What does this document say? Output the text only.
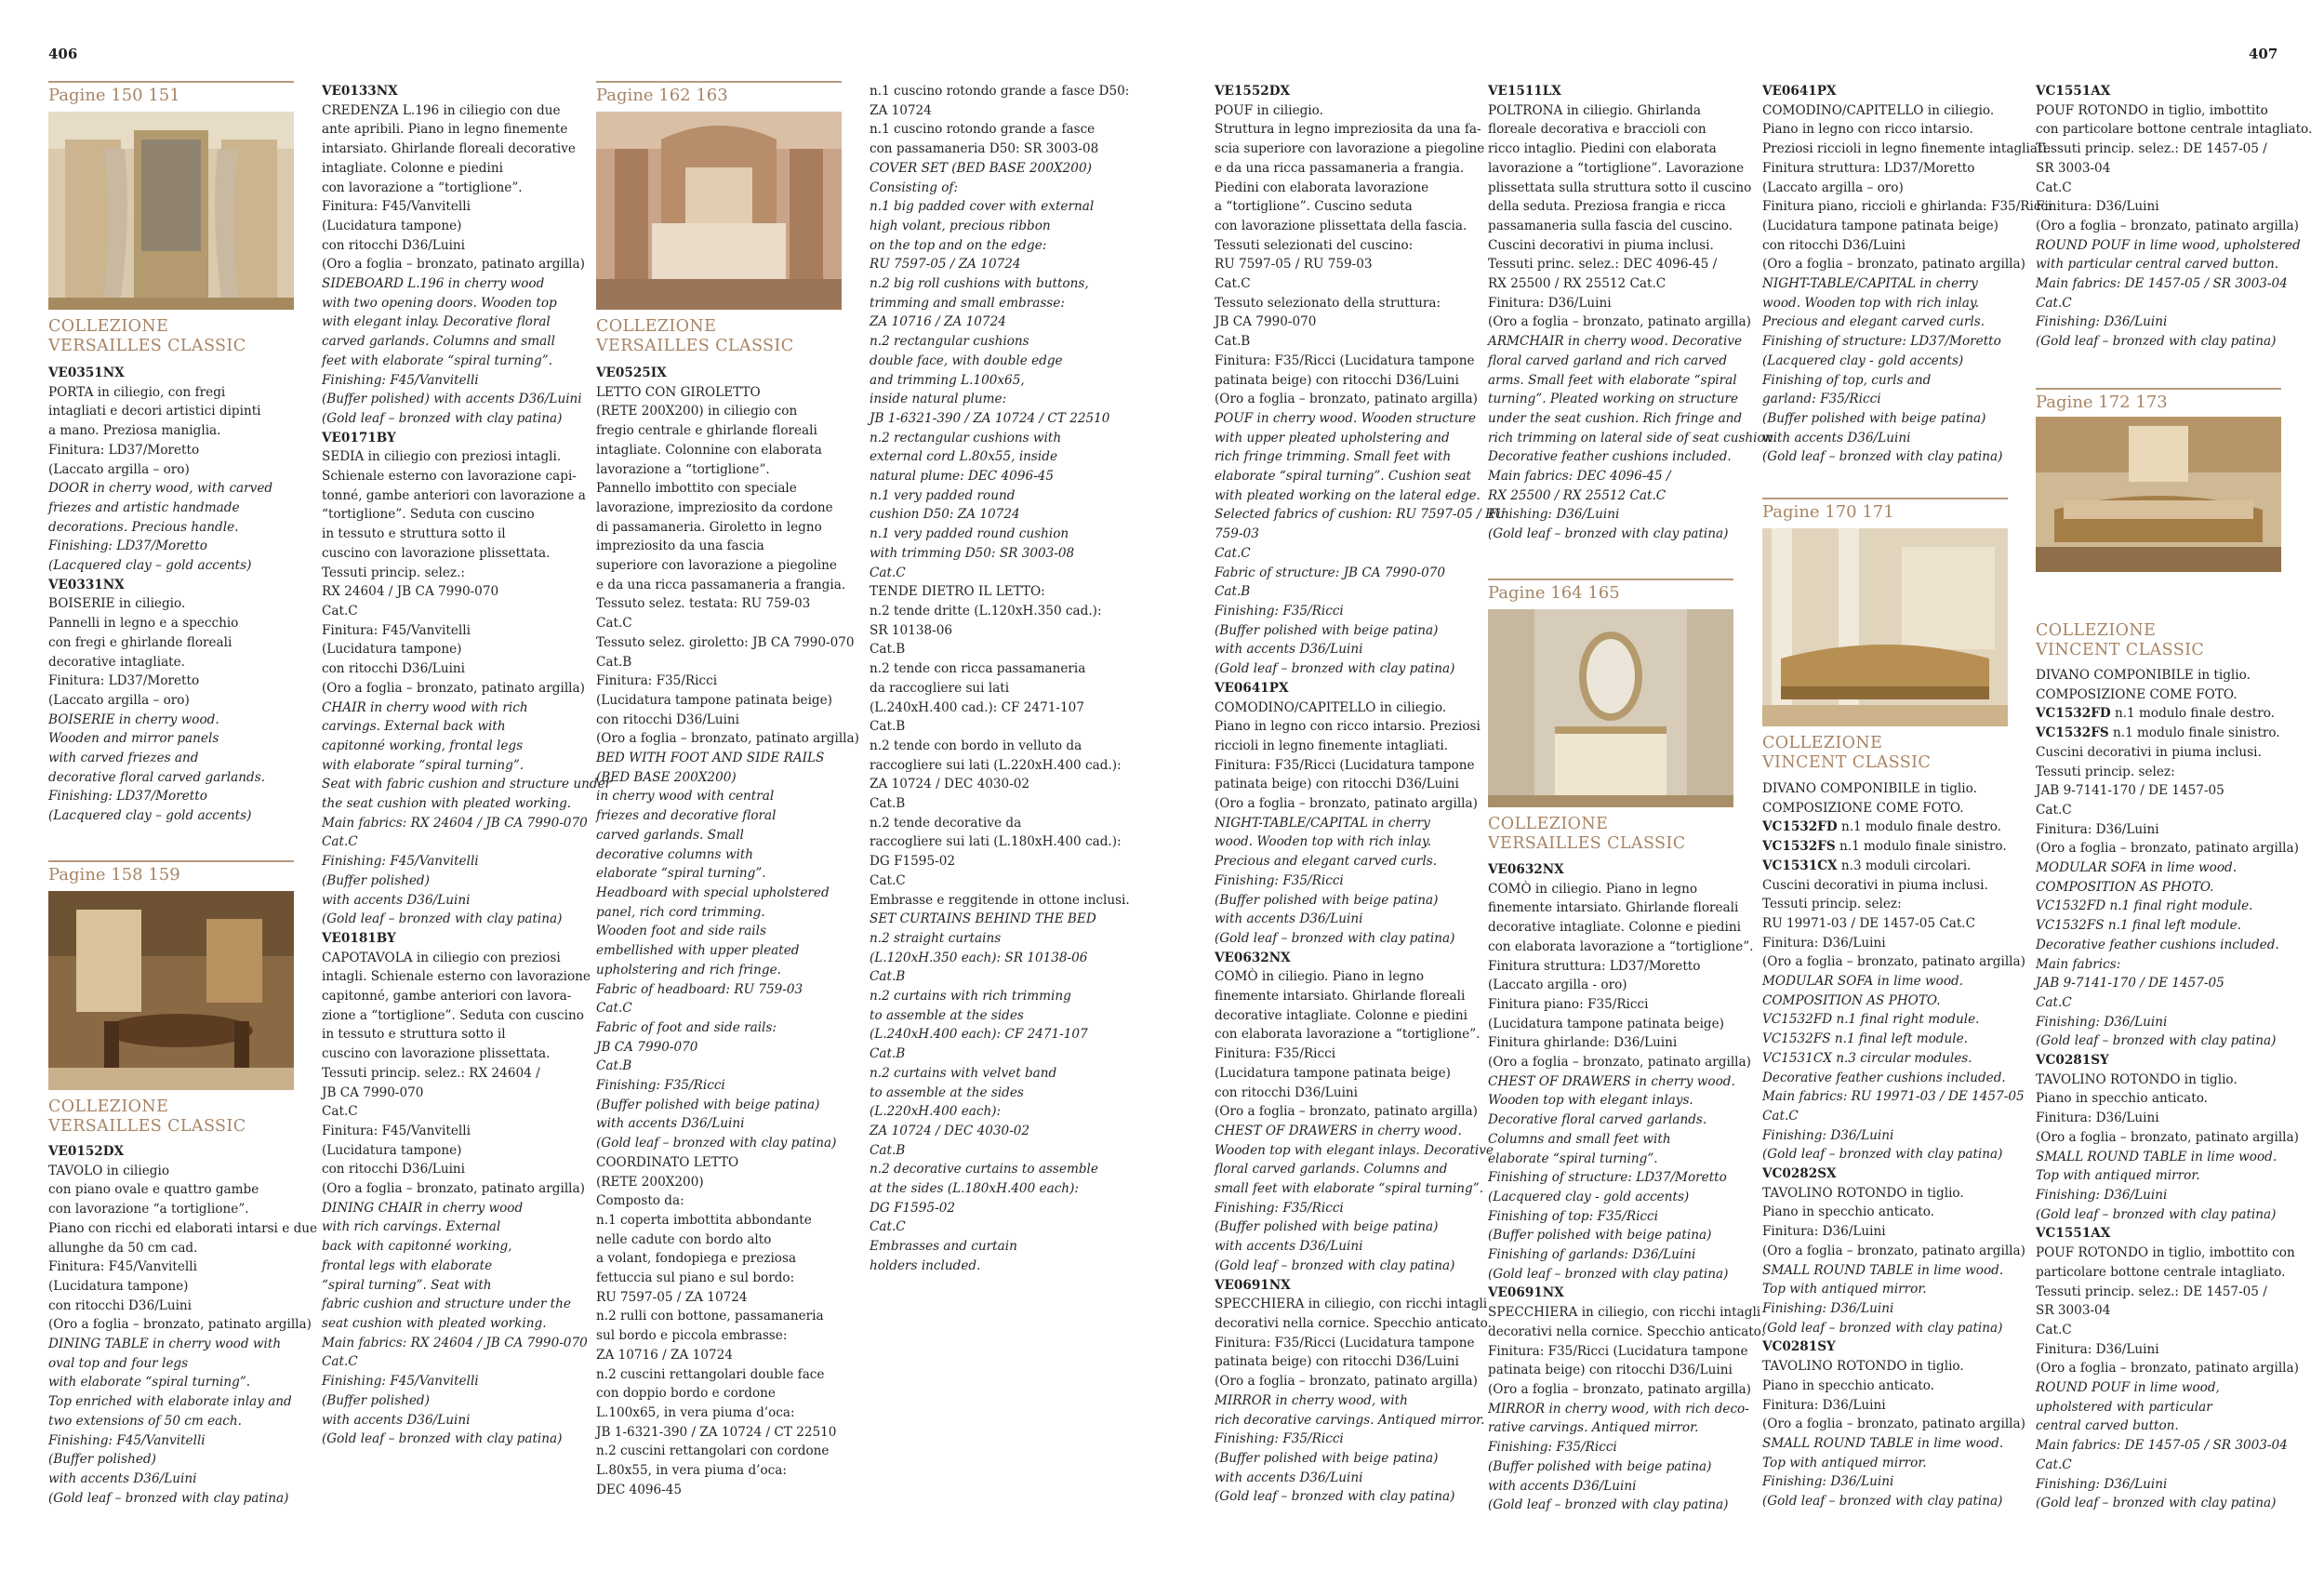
406	407
Pagine 150 151
COLLEZIONE
VERSAILLES CLASSIC
VE0351NX
PORTA in ciliegio, con fregi
intagliati e decori artistici dipinti
a mano. Preziosa maniglia.
Finitura: LD37/Moretto
(Laccato argilla – oro)
DOOR in cherry wood, with carved
friezes and artistic handmade
decorations. Precious handle.
Finishing: LD37/Moretto
(Lacquered clay – gold accents)
VE0331NX
BOISERIE in ciliegio.
Pannelli in legno e a specchio
con fregi e ghirlande floreali
decorative intagliate.
Finitura: LD37/Moretto
(Laccato argilla – oro)
BOISERIE in cherry wood.
Wooden and mirror panels
with carved friezes and
decorative floral carved garlands.
Finishing: LD37/Moretto
(Lacquered clay – gold accents)
Pagine 158 159
COLLEZIONE
VERSAILLES CLASSIC
VE0152DX
TAVOLO in ciliegio
con piano ovale e quattro gambe
con lavorazione “a tortiglione”.
Piano con ricchi ed elaborati intarsi e due
allunghe da 50 cm cad.
Finitura: F45/Vanvitelli
(Lucidatura tampone)
con ritocchi D36/Luini
(Oro a foglia – bronzato, patinato argilla)
DINING TABLE in cherry wood with
oval top and four legs
with elaborate “spiral turning”.
Top enriched with elaborate inlay and
two extensions of 50 cm each.
Finishing: F45/Vanvitelli
(Buffer polished)
with accents D36/Luini
(Gold leaf – bronzed with clay patina)
VE0133NX
CREDENZA L.196 in ciliegio con due
ante apribili. Piano in legno finemente
intarsiato. Ghirlande floreali decorative
intagliate. Colonne e piedini
con lavorazione a “tortiglione”.
Finitura: F45/Vanvitelli
(Lucidatura tampone)
con ritocchi D36/Luini
(Oro a foglia – bronzato, patinato argilla)
SIDEBOARD L.196 in cherry wood
with two opening doors. Wooden top
with elegant inlay. Decorative floral
carved garlands. Columns and small
feet with elaborate “spiral turning”.
Finishing: F45/Vanvitelli
(Buffer polished) with accents D36/Luini
(Gold leaf – bronzed with clay patina)
VE0171BY
SEDIA in ciliegio con preziosi intagli.
Schienale esterno con lavorazione capi-
tonné, gambe anteriori con lavorazione a
“tortiglione”. Seduta con cuscino
in tessuto e struttura sotto il
cuscino con lavorazione plissettata.
Tessuti princip. selez.:
RX 24604 / JB CA 7990-070
Cat.C
Finitura: F45/Vanvitelli
(Lucidatura tampone)
con ritocchi D36/Luini
(Oro a foglia – bronzato, patinato argilla)
CHAIR in cherry wood with rich
carvings. External back with
capitonné working, frontal legs
with elaborate “spiral turning”.
Seat with fabric cushion and structure under
the seat cushion with pleated working.
Main fabrics: RX 24604 / JB CA 7990-070
Cat.C
Finishing: F45/Vanvitelli
(Buffer polished)
with accents D36/Luini
(Gold leaf – bronzed with clay patina)
VE0181BY
CAPOTAVOLA in ciliegio con preziosi
intagli. Schienale esterno con lavorazione
capitonné, gambe anteriori con lavora-
zione a “tortiglione”. Seduta con cuscino
in tessuto e struttura sotto il
cuscino con lavorazione plissettata.
Tessuti princip. selez.: RX 24604 /
JB CA 7990-070
Cat.C
Finitura: F45/Vanvitelli
(Lucidatura tampone)
con ritocchi D36/Luini
(Oro a foglia – bronzato, patinato argilla)
DINING CHAIR in cherry wood
with rich carvings. External
back with capitonné working,
frontal legs with elaborate
“spiral turning”. Seat with
fabric cushion and structure under the
seat cushion with pleated working.
Main fabrics: RX 24604 / JB CA 7990-070
Cat.C
Finishing: F45/Vanvitelli
(Buffer polished)
with accents D36/Luini
(Gold leaf – bronzed with clay patina)
Pagine 162 163
COLLEZIONE
VERSAILLES CLASSIC
VE0525IX
LETTO CON GIROLETTO
(RETE 200X200) in ciliegio con
fregio centrale e ghirlande floreali
intagliate. Colonnine con elaborata
lavorazione a “tortiglione”.
Pannello imbottito con speciale
lavorazione, impreziosito da cordone
di passamaneria. Giroletto in legno
impreziosito da una fascia
superiore con lavorazione a piegoline
e da una ricca passamaneria a frangia.
Tessuto selez. testata: RU 759-03
Cat.C
Tessuto selez. giroletto: JB CA 7990-070
Cat.B
Finitura: F35/Ricci
(Lucidatura tampone patinata beige)
con ritocchi D36/Luini
(Oro a foglia – bronzato, patinato argilla)
BED WITH FOOT AND SIDE RAILS
(BED BASE 200X200)
in cherry wood with central
friezes and decorative floral
carved garlands. Small
decorative columns with
elaborate “spiral turning”.
Headboard with special upholstered
panel, rich cord trimming.
Wooden foot and side rails
embellished with upper pleated
upholstering and rich fringe.
Fabric of headboard: RU 759-03
Cat.C
Fabric of foot and side rails:
JB CA 7990-070
Cat.B
Finishing: F35/Ricci
(Buffer polished with beige patina)
with accents D36/Luini
(Gold leaf – bronzed with clay patina)
COORDINATO LETTO
(RETE 200X200)
Composto da:
n.1 coperta imbottita abbondante
nelle cadute con bordo alto
a volant, fondopiega e preziosa
fettuccia sul piano e sul bordo:
RU 7597-05 / ZA 10724
n.2 rulli con bottone, passamaneria
sul bordo e piccola embrasse:
ZA 10716 / ZA 10724
n.2 cuscini rettangolari double face
con doppio bordo e cordone
L.100x65, in vera piuma d’oca:
JB 1-6321-390 / ZA 10724 / CT 22510
n.2 cuscini rettangolari con cordone
L.80x55, in vera piuma d’oca:
DEC 4096-45
n.1 cuscino rotondo grande a fasce D50:
ZA 10724
n.1 cuscino rotondo grande a fasce
con passamaneria D50: SR 3003-08
COVER SET (BED BASE 200X200)
Consisting of:
n.1 big padded cover with external
high volant, precious ribbon
on the top and on the edge:
RU 7597-05 / ZA 10724
n.2 big roll cushions with buttons,
trimming and small embrasse:
ZA 10716 / ZA 10724
n.2 rectangular cushions
double face, with double edge
and trimming L.100x65,
inside natural plume:
JB 1-6321-390 / ZA 10724 / CT 22510
n.2 rectangular cushions with
external cord L.80x55, inside
natural plume: DEC 4096-45
n.1 very padded round
cushion D50: ZA 10724
n.1 very padded round cushion
with trimming D50: SR 3003-08
Cat.C
TENDE DIETRO IL LETTO:
n.2 tende dritte (L.120xH.350 cad.):
SR 10138-06
Cat.B
n.2 tende con ricca passamaneria
da raccogliere sui lati
(L.240xH.400 cad.): CF 2471-107
Cat.B
n.2 tende con bordo in velluto da
raccogliere sui lati (L.220xH.400 cad.):
ZA 10724 / DEC 4030-02
Cat.B
n.2 tende decorative da
raccogliere sui lati (L.180xH.400 cad.):
DG F1595-02
Cat.C
Embrasse e reggitende in ottone inclusi.
SET CURTAINS BEHIND THE BED
n.2 straight curtains
(L.120xH.350 each): SR 10138-06
Cat.B
n.2 curtains with rich trimming
to assemble at the sides
(L.240xH.400 each): CF 2471-107
Cat.B
n.2 curtains with velvet band
to assemble at the sides
(L.220xH.400 each):
ZA 10724 / DEC 4030-02
Cat.B
n.2 decorative curtains to assemble
at the sides (L.180xH.400 each):
DG F1595-02
Cat.C
Embrasses and curtain
holders included.
VE1552DX
POUF in ciliegio.
Struttura in legno impreziosita da una fa-
scia superiore con lavorazione a piegoline
e da una ricca passamaneria a frangia.
Piedini con elaborata lavorazione
a “tortiglione”. Cuscino seduta
con lavorazione plissettata della fascia.
Tessuti selezionati del cuscino:
RU 7597-05 / RU 759-03
Cat.C
Tessuto selezionato della struttura:
JB CA 7990-070
Cat.B
Finitura: F35/Ricci (Lucidatura tampone
patinata beige) con ritocchi D36/Luini
(Oro a foglia – bronzato, patinato argilla)
POUF in cherry wood. Wooden structure
with upper pleated upholstering and
rich fringe trimming. Small feet with
elaborate “spiral turning”. Cushion seat
with pleated working on the lateral edge.
Selected fabrics of cushion: RU 7597-05 / RU
759-03
Cat.C
Fabric of structure: JB CA 7990-070
Cat.B
Finishing: F35/Ricci
(Buffer polished with beige patina)
with accents D36/Luini
(Gold leaf – bronzed with clay patina)
VE0641PX
COMODINO/CAPITELLO in ciliegio.
Piano in legno con ricco intarsio. Preziosi
riccioli in legno finemente intagliati.
Finitura: F35/Ricci (Lucidatura tampone
patinata beige) con ritocchi D36/Luini
(Oro a foglia – bronzato, patinato argilla)
NIGHT-TABLE/CAPITAL in cherry
wood. Wooden top with rich inlay.
Precious and elegant carved curls.
Finishing: F35/Ricci
(Buffer polished with beige patina)
with accents D36/Luini
(Gold leaf – bronzed with clay patina)
VE0632NX
COMÒ in ciliegio. Piano in legno
finemente intarsiato. Ghirlande floreali
decorative intagliate. Colonne e piedini
con elaborata lavorazione a “tortiglione”.
Finitura: F35/Ricci
(Lucidatura tampone patinata beige)
con ritocchi D36/Luini
(Oro a foglia – bronzato, patinato argilla)
CHEST OF DRAWERS in cherry wood.
Wooden top with elegant inlays. Decorative
floral carved garlands. Columns and
small feet with elaborate “spiral turning”.
Finishing: F35/Ricci
(Buffer polished with beige patina)
with accents D36/Luini
(Gold leaf – bronzed with clay patina)
VE0691NX
SPECCHIERA in ciliegio, con ricchi intagli
decorativi nella cornice. Specchio anticato.
Finitura: F35/Ricci (Lucidatura tampone
patinata beige) con ritocchi D36/Luini
(Oro a foglia – bronzato, patinato argilla)
MIRROR in cherry wood, with
rich decorative carvings. Antiqued mirror.
Finishing: F35/Ricci
(Buffer polished with beige patina)
with accents D36/Luini
(Gold leaf – bronzed with clay patina)
VE1511LX
POLTRONA in ciliegio. Ghirlanda
floreale decorativa e braccioli con
ricco intaglio. Piedini con elaborata
lavorazione a “tortiglione”. Lavorazione
plissettata sulla struttura sotto il cuscino
della seduta. Preziosa frangia e ricca
passamaneria sulla fascia del cuscino.
Cuscini decorativi in piuma inclusi.
Tessuti princ. selez.: DEC 4096-45 /
RX 25500 / RX 25512 Cat.C
Finitura: D36/Luini
(Oro a foglia – bronzato, patinato argilla)
ARMCHAIR in cherry wood. Decorative
floral carved garland and rich carved
arms. Small feet with elaborate “spiral
turning”. Pleated working on structure
under the seat cushion. Rich fringe and
rich trimming on lateral side of seat cushion.
Decorative feather cushions included.
Main fabrics: DEC 4096-45 /
RX 25500 / RX 25512 Cat.C
Finishing: D36/Luini
(Gold leaf – bronzed with clay patina)
Pagine 164 165
COLLEZIONE
VERSAILLES CLASSIC
VE0632NX
COMÒ in ciliegio. Piano in legno
finemente intarsiato. Ghirlande floreali
decorative intagliate. Colonne e piedini
con elaborata lavorazione a “tortiglione”.
Finitura struttura: LD37/Moretto
(Laccato argilla - oro)
Finitura piano: F35/Ricci
(Lucidatura tampone patinata beige)
Finitura ghirlande: D36/Luini
(Oro a foglia – bronzato, patinato argilla)
CHEST OF DRAWERS in cherry wood.
Wooden top with elegant inlays.
Decorative floral carved garlands.
Columns and small feet with
elaborate “spiral turning”.
Finishing of structure: LD37/Moretto
(Lacquered clay - gold accents)
Finishing of top: F35/Ricci
(Buffer polished with beige patina)
Finishing of garlands: D36/Luini
(Gold leaf – bronzed with clay patina)
VE0691NX
SPECCHIERA in ciliegio, con ricchi intagli
decorativi nella cornice. Specchio anticato.
Finitura: F35/Ricci (Lucidatura tampone
patinata beige) con ritocchi D36/Luini
(Oro a foglia – bronzato, patinato argilla)
MIRROR in cherry wood, with rich deco-
rative carvings. Antiqued mirror.
Finishing: F35/Ricci
(Buffer polished with beige patina)
with accents D36/Luini
(Gold leaf – bronzed with clay patina)
VE0641PX
COMODINO/CAPITELLO in ciliegio.
Piano in legno con ricco intarsio.
Preziosi riccioli in legno finemente intagliati.
Finitura struttura: LD37/Moretto
(Laccato argilla – oro)
Finitura piano, riccioli e ghirlanda: F35/Ricci
(Lucidatura tampone patinata beige)
con ritocchi D36/Luini
(Oro a foglia – bronzato, patinato argilla)
NIGHT-TABLE/CAPITAL in cherry
wood. Wooden top with rich inlay.
Precious and elegant carved curls.
Finishing of structure: LD37/Moretto
(Lacquered clay - gold accents)
Finishing of top, curls and
garland: F35/Ricci
(Buffer polished with beige patina)
with accents D36/Luini
(Gold leaf – bronzed with clay patina)
Pagine 170 171
COLLEZIONE
VINCENT CLASSIC
DIVANO COMPONIBILE in tiglio.
COMPOSIZIONE COME FOTO.
VC1532FD n.1 modulo finale destro.
VC1532FS n.1 modulo finale sinistro.
VC1531CX n.3 moduli circolari.
Cuscini decorativi in piuma inclusi.
Tessuti princip. selez:
RU 19971-03 / DE 1457-05 Cat.C
Finitura: D36/Luini
(Oro a foglia – bronzato, patinato argilla)
MODULAR SOFA in lime wood.
COMPOSITION AS PHOTO.
VC1532FD n.1 final right module.
VC1532FS n.1 final left module.
VC1531CX n.3 circular modules.
Decorative feather cushions included.
Main fabrics: RU 19971-03 / DE 1457-05
Cat.C
Finishing: D36/Luini
(Gold leaf – bronzed with clay patina)
VC0282SX
TAVOLINO ROTONDO in tiglio.
Piano in specchio anticato.
Finitura: D36/Luini
(Oro a foglia – bronzato, patinato argilla)
SMALL ROUND TABLE in lime wood.
Top with antiqued mirror.
Finishing: D36/Luini
(Gold leaf – bronzed with clay patina)
VC0281SY
TAVOLINO ROTONDO in tiglio.
Piano in specchio anticato.
Finitura: D36/Luini
(Oro a foglia – bronzato, patinato argilla)
SMALL ROUND TABLE in lime wood.
Top with antiqued mirror.
Finishing: D36/Luini
(Gold leaf – bronzed with clay patina)
VC1551AX
POUF ROTONDO in tiglio, imbottito
con particolare bottone centrale intagliato.
Tessuti princip. selez.: DE 1457-05 /
SR 3003-04
Cat.C
Finitura: D36/Luini
(Oro a foglia – bronzato, patinato argilla)
ROUND POUF in lime wood, upholstered
with particular central carved button.
Main fabrics: DE 1457-05 / SR 3003-04
Cat.C
Finishing: D36/Luini
(Gold leaf – bronzed with clay patina)
Pagine 172 173
COLLEZIONE
VINCENT CLASSIC
DIVANO COMPONIBILE in tiglio.
COMPOSIZIONE COME FOTO.
VC1532FD n.1 modulo finale destro.
VC1532FS n.1 modulo finale sinistro.
Cuscini decorativi in piuma inclusi.
Tessuti princip. selez:
JAB 9-7141-170 / DE 1457-05
Cat.C
Finitura: D36/Luini
(Oro a foglia – bronzato, patinato argilla)
MODULAR SOFA in lime wood.
COMPOSITION AS PHOTO.
VC1532FD n.1 final right module.
VC1532FS n.1 final left module.
Decorative feather cushions included.
Main fabrics:
JAB 9-7141-170 / DE 1457-05
Cat.C
Finishing: D36/Luini
(Gold leaf – bronzed with clay patina)
VC0281SY
TAVOLINO ROTONDO in tiglio.
Piano in specchio anticato.
Finitura: D36/Luini
(Oro a foglia – bronzato, patinato argilla)
SMALL ROUND TABLE in lime wood.
Top with antiqued mirror.
Finishing: D36/Luini
(Gold leaf – bronzed with clay patina)
VC1551AX
POUF ROTONDO in tiglio, imbottito con
particolare bottone centrale intagliato.
Tessuti princip. selez.: DE 1457-05 /
SR 3003-04
Cat.C
Finitura: D36/Luini
(Oro a foglia – bronzato, patinato argilla)
ROUND POUF in lime wood,
upholstered with particular
central carved button.
Main fabrics: DE 1457-05 / SR 3003-04
Cat.C
Finishing: D36/Luini
(Gold leaf – bronzed with clay patina)
